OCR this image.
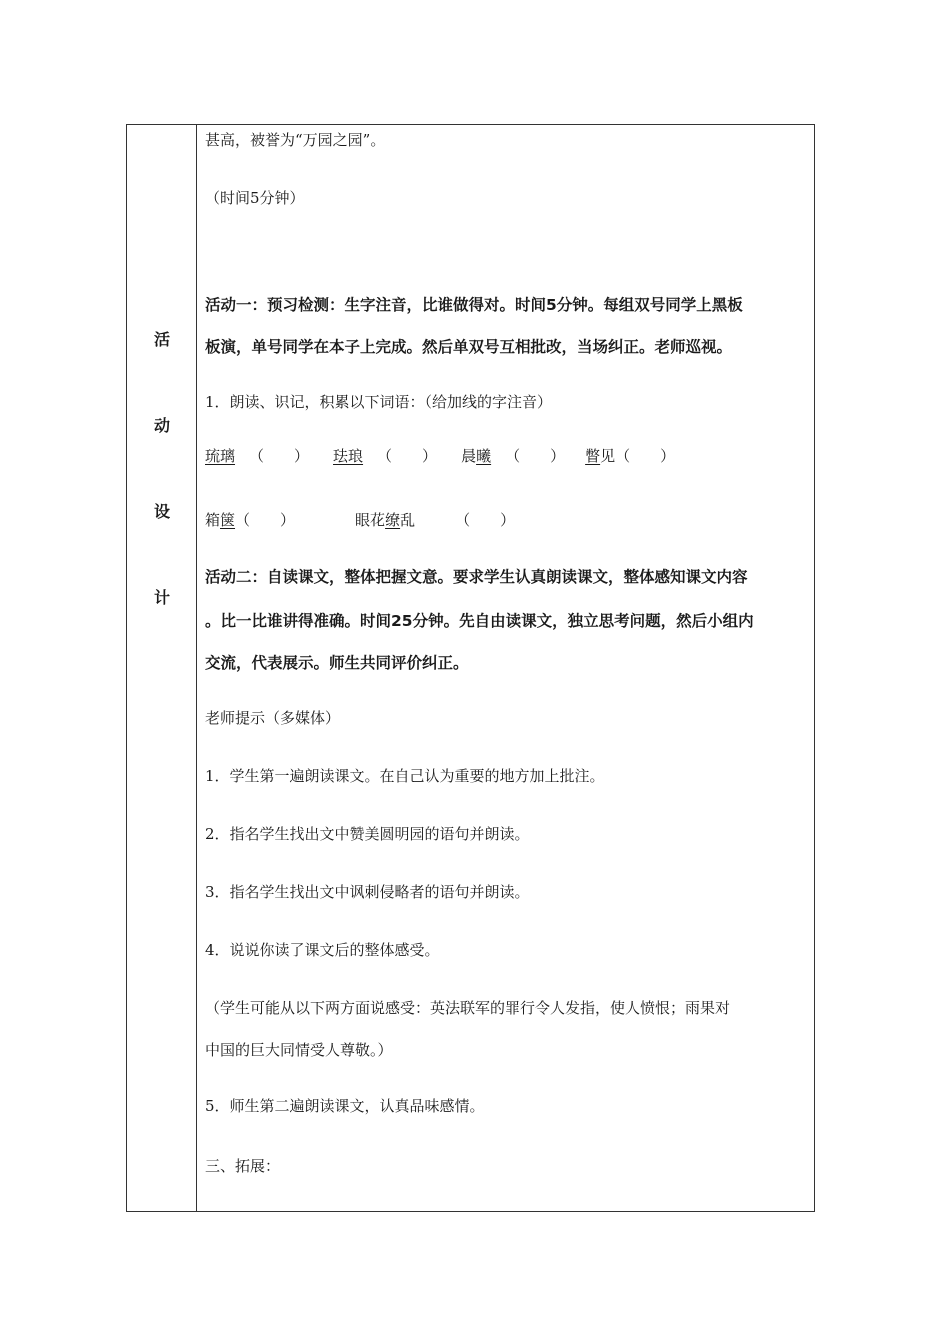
活
动
设
计
甚高，被誉为“万园之园”。
（时间5分钟）
活动一：预习检测：生字注音，比谁做得对。时间5分钟。每组双号同学上黑板
板演，单号同学在本子上完成。然后单双号互相批改，当场纠正。老师巡视。
1．朗读、识记，积累以下词语：（给加线的字注音）
琉璃 （　　） 珐琅 （　　） 晨曦 （　　） 瞥见（　　）
箱箧（　　）	眼花缭乱	（　　）
活动二：自读课文，整体把握文意。要求学生认真朗读课文，整体感知课文内容
。比一比谁讲得准确。时间25分钟。先自由读课文，独立思考问题，然后小组内
交流，代表展示。师生共同评价纠正。
老师提示（多媒体）
1．学生第一遍朗读课文。在自己认为重要的地方加上批注。
2．指名学生找出文中赞美圆明园的语句并朗读。
3．指名学生找出文中讽刺侵略者的语句并朗读。
4．说说你读了课文后的整体感受。
（学生可能从以下两方面说感受：英法联军的罪行令人发指，使人愤恨；雨果对
中国的巨大同情受人尊敬。）
5．师生第二遍朗读课文，认真品味感情。
三、拓展：
